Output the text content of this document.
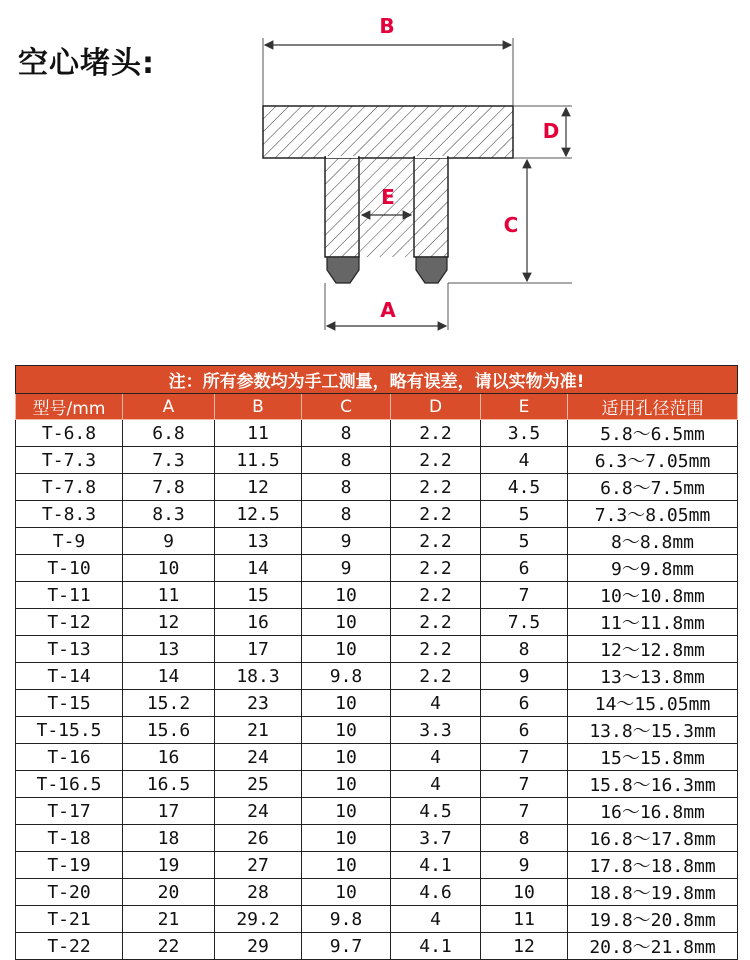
空心堵头:
B
D
E
C
A
注：所有参数均为手工测量，略有误差，请以实物为准!						
型号/mm	A	B	C	D	E	适用孔径范围
T-6.8	6.8	11	8	2.2	3.5	5.8～6.5mm
T-7.3	7.3	11.5	8	2.2	4	6.3～7.05mm
T-7.8	7.8	12	8	2.2	4.5	6.8～7.5mm
T-8.3	8.3	12.5	8	2.2	5	7.3～8.05mm
T-9	9	13	9	2.2	5	8～8.8mm
T-10	10	14	9	2.2	6	9～9.8mm
T-11	11	15	10	2.2	7	10～10.8mm
T-12	12	16	10	2.2	7.5	11～11.8mm
T-13	13	17	10	2.2	8	12～12.8mm
T-14	14	18.3	9.8	2.2	9	13～13.8mm
T-15	15.2	23	10	4	6	14～15.05mm
T-15.5	15.6	21	10	3.3	6	13.8～15.3mm
T-16	16	24	10	4	7	15～15.8mm
T-16.5	16.5	25	10	4	7	15.8～16.3mm
T-17	17	24	10	4.5	7	16～16.8mm
T-18	18	26	10	3.7	8	16.8～17.8mm
T-19	19	27	10	4.1	9	17.8～18.8mm
T-20	20	28	10	4.6	10	18.8～19.8mm
T-21	21	29.2	9.8	4	11	19.8～20.8mm
T-22	22	29	9.7	4.1	12	20.8～21.8mm
